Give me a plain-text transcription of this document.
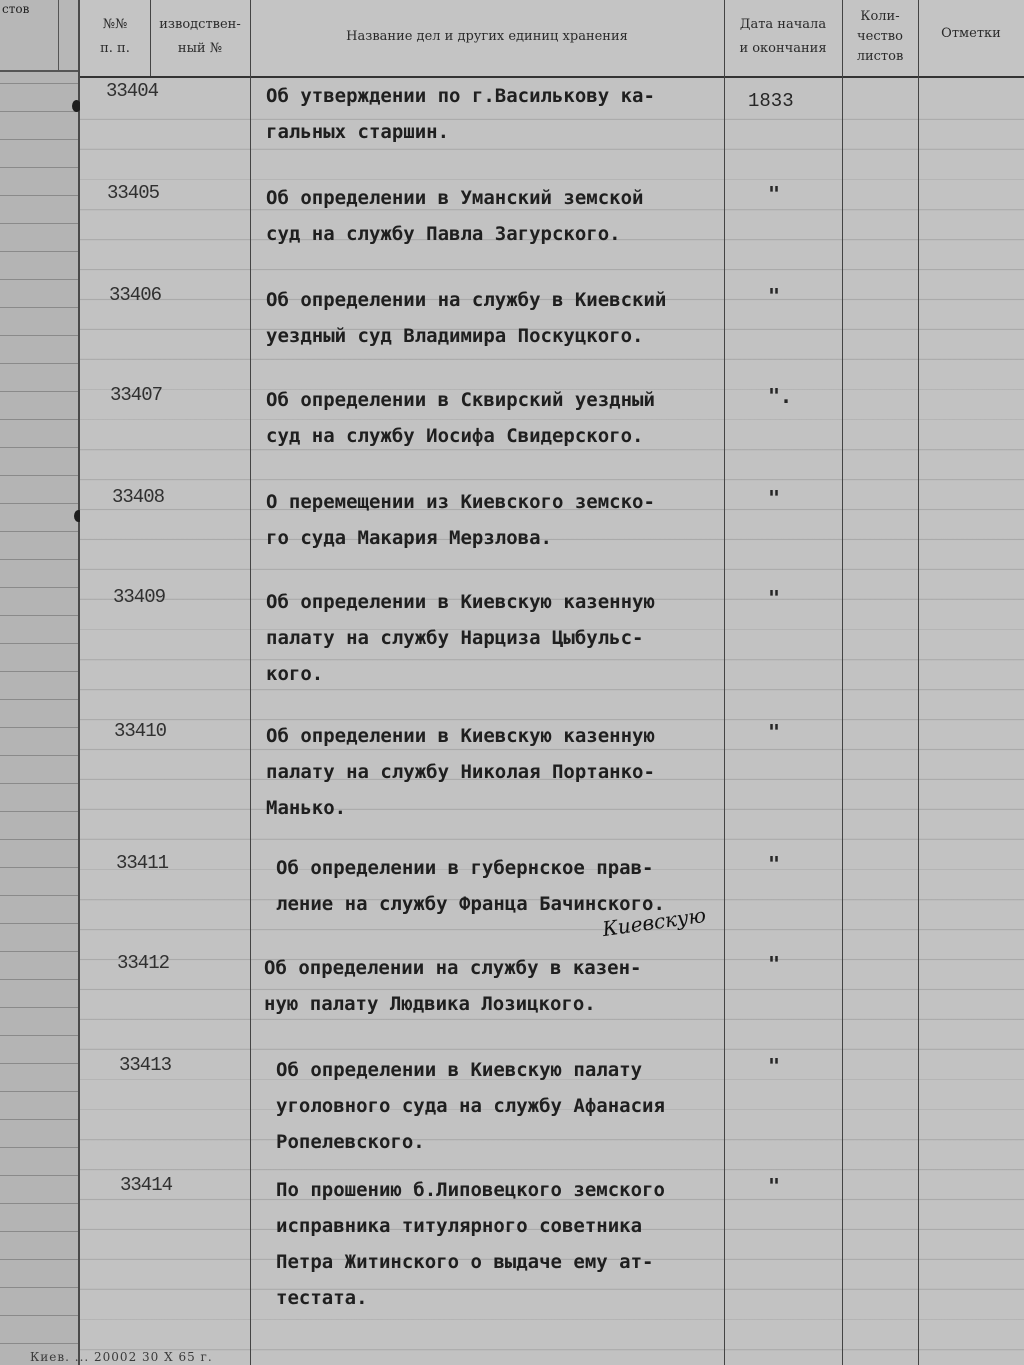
стов
№№
п. п.
изводствен-
ный №
Название дел и других единиц хранения
Дата начала
и окончания
Коли-
чество
листов
Отметки
33404	Об утверждении по г.Василькову ка-
гальных старшин.
1833
33405	Об определении в Уманский земской
суд на службу Павла Загурского.
"
33406	Об определении на службу в Киевский
уездный суд Владимира Поскуцкого.
"
33407	Об определении в Сквирский уездный
суд на службу Иосифа Свидерского.
".
33408	О перемещении из Киевского земско-
го суда Макария Мерзлова.
"
33409	Об определении в Киевскую казенную
палату на службу Нарциза Цыбульс-
кого.
"
33410	Об определении в Киевскую казенную
палату на службу Николая Портанко-
Манько.
"
33411	Об определении в губернское прав-
ление на службу Франца Бачинского.
"
33412	Об определении на службу в казен-
ную палату Людвика Лозицкого.
"
33413	Об определении в Киевскую палату
уголовного суда на службу Афанасия
Ропелевского.
"
33414	По прошению б.Липовецкого земского
исправника титулярного советника
Петра Житинского о выдаче ему ат-
тестата.
"
Киевскую
Киев. ... 20002 30 X 65 г.
